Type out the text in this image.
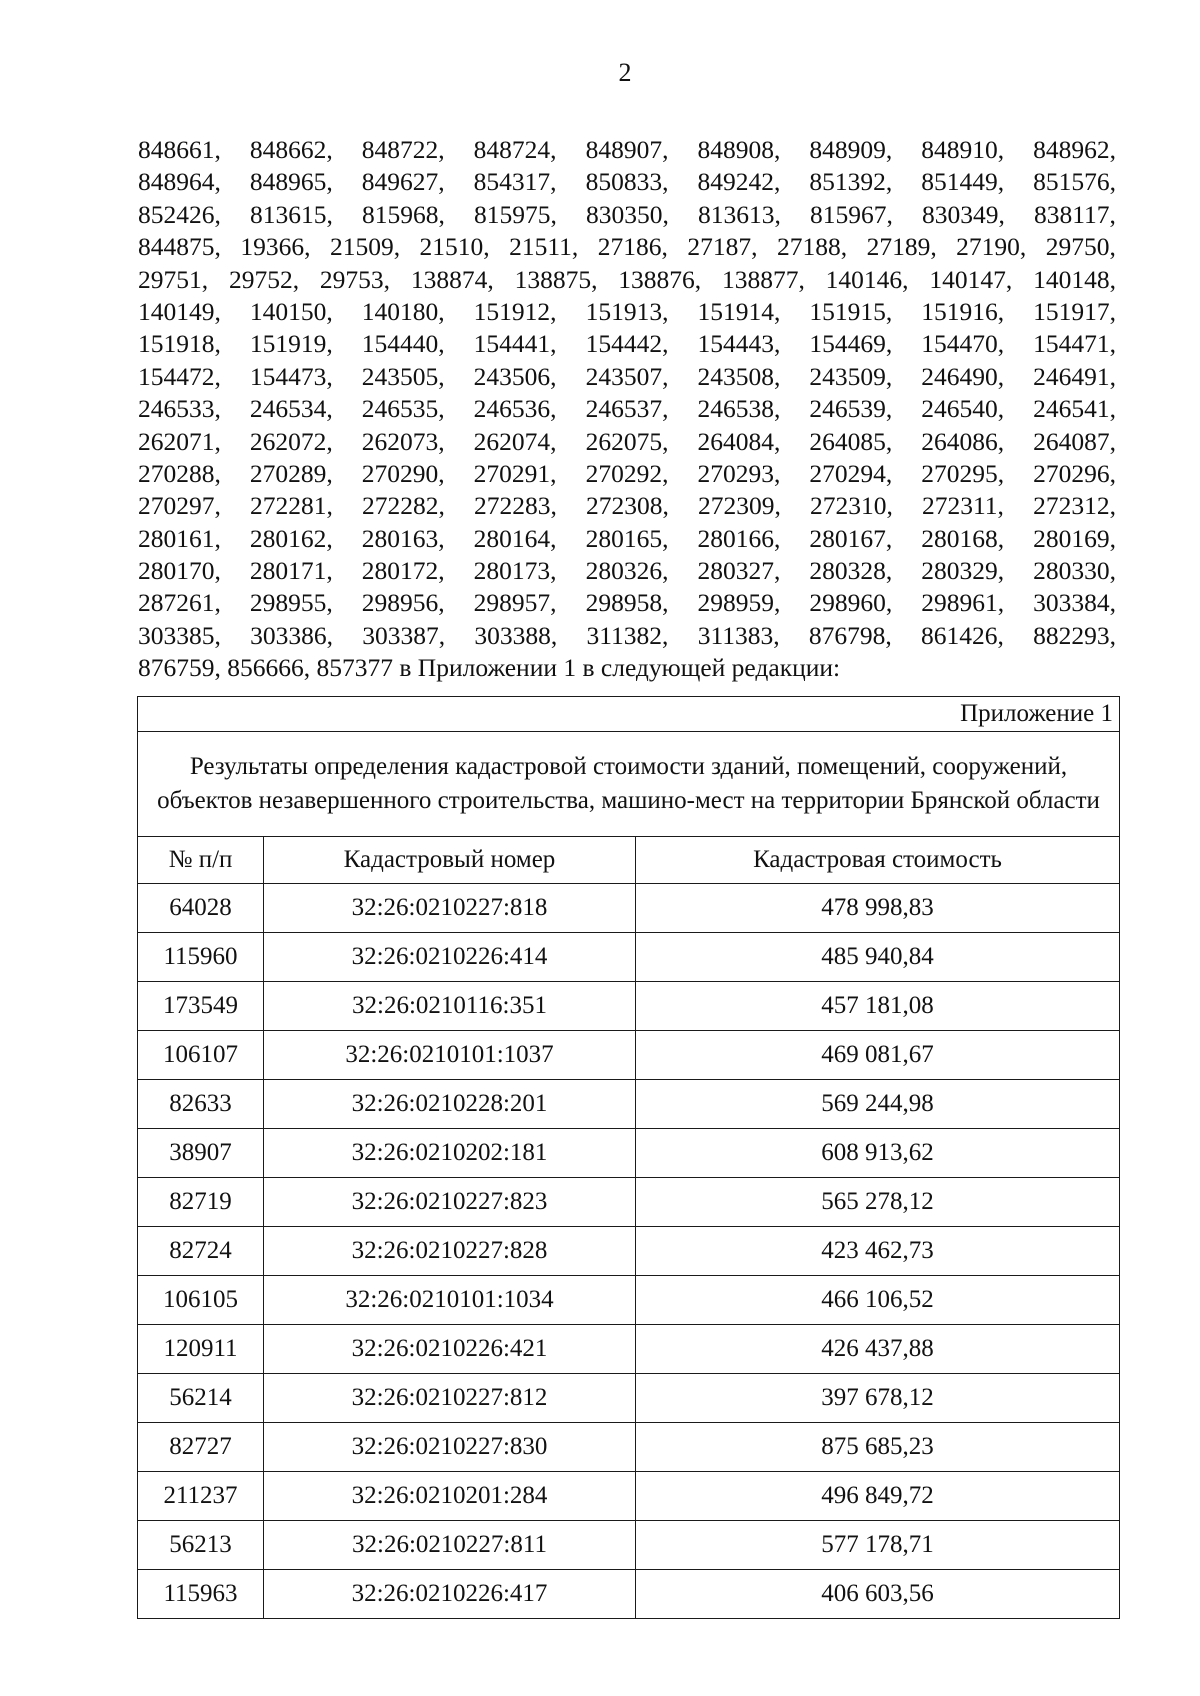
2
848661, 848662, 848722, 848724, 848907, 848908, 848909, 848910, 848962,
848964, 848965, 849627, 854317, 850833, 849242, 851392, 851449, 851576,
852426, 813615, 815968, 815975, 830350, 813613, 815967, 830349, 838117,
844875, 19366, 21509, 21510, 21511, 27186, 27187, 27188, 27189, 27190, 29750,
29751, 29752, 29753, 138874, 138875, 138876, 138877, 140146, 140147, 140148,
140149, 140150, 140180, 151912, 151913, 151914, 151915, 151916, 151917,
151918, 151919, 154440, 154441, 154442, 154443, 154469, 154470, 154471,
154472, 154473, 243505, 243506, 243507, 243508, 243509, 246490, 246491,
246533, 246534, 246535, 246536, 246537, 246538, 246539, 246540, 246541,
262071, 262072, 262073, 262074, 262075, 264084, 264085, 264086, 264087,
270288, 270289, 270290, 270291, 270292, 270293, 270294, 270295, 270296,
270297, 272281, 272282, 272283, 272308, 272309, 272310, 272311, 272312,
280161, 280162, 280163, 280164, 280165, 280166, 280167, 280168, 280169,
280170, 280171, 280172, 280173, 280326, 280327, 280328, 280329, 280330,
287261, 298955, 298956, 298957, 298958, 298959, 298960, 298961, 303384,
303385, 303386, 303387, 303388, 311382, 311383, 876798, 861426, 882293,
876759, 856666, 857377 в Приложении 1 в следующей редакции:
Приложение 1		
Результаты определения кадастровой стоимости зданий, помещений, сооружений, объектов незавершенного строительства, машино-мест на территории Брянской области		
№ п/п	Кадастровый номер	Кадастровая стоимость
64028	32:26:0210227:818	478 998,83
115960	32:26:0210226:414	485 940,84
173549	32:26:0210116:351	457 181,08
106107	32:26:0210101:1037	469 081,67
82633	32:26:0210228:201	569 244,98
38907	32:26:0210202:181	608 913,62
82719	32:26:0210227:823	565 278,12
82724	32:26:0210227:828	423 462,73
106105	32:26:0210101:1034	466 106,52
120911	32:26:0210226:421	426 437,88
56214	32:26:0210227:812	397 678,12
82727	32:26:0210227:830	875 685,23
211237	32:26:0210201:284	496 849,72
56213	32:26:0210227:811	577 178,71
115963	32:26:0210226:417	406 603,56
